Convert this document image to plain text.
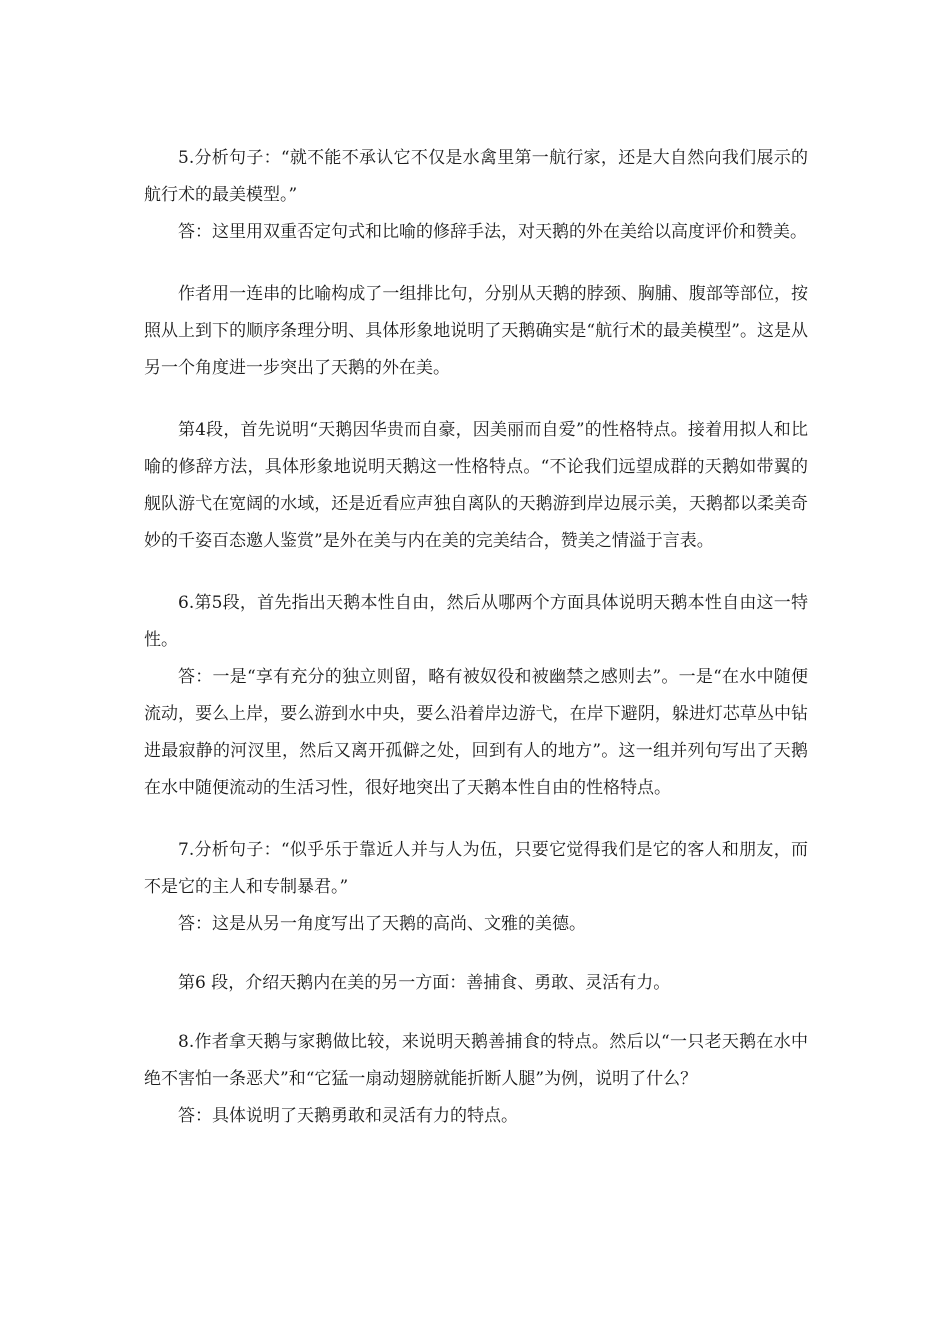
5.分析句子：“就不能不承认它不仅是水禽里第一航行家，还是大自然向我们展示的航行术的最美模型。”

答：这里用双重否定句式和比喻的修辞手法，对天鹅的外在美给以高度评价和赞美。

作者用一连串的比喻构成了一组排比句，分别从天鹅的脖颈、胸脯、腹部等部位，按照从上到下的顺序条理分明、具体形象地说明了天鹅确实是“航行术的最美模型”。这是从另一个角度进一步突出了天鹅的外在美。

第4段，首先说明“天鹅因华贵而自豪，因美丽而自爱”的性格特点。接着用拟人和比喻的修辞方法，具体形象地说明天鹅这一性格特点。“不论我们远望成群的天鹅如带翼的舰队游弋在宽阔的水域，还是近看应声独自离队的天鹅游到岸边展示美，天鹅都以柔美奇妙的千姿百态邀人鉴赏”是外在美与内在美的完美结合，赞美之情溢于言表。

6.第5段，首先指出天鹅本性自由，然后从哪两个方面具体说明天鹅本性自由这一特性。

答：一是“享有充分的独立则留，略有被奴役和被幽禁之感则去”。一是“在水中随便流动，要么上岸，要么游到水中央，要么沿着岸边游弋，在岸下避阴，躲进灯芯草丛中钻进最寂静的河汊里，然后又离开孤僻之处，回到有人的地方”。这一组并列句写出了天鹅在水中随便流动的生活习性，很好地突出了天鹅本性自由的性格特点。

7.分析句子：“似乎乐于靠近人并与人为伍，只要它觉得我们是它的客人和朋友，而不是它的主人和专制暴君。”

答：这是从另一角度写出了天鹅的高尚、文雅的美德。

第6 段，介绍天鹅内在美的另一方面：善捕食、勇敢、灵活有力。

8.作者拿天鹅与家鹅做比较，来说明天鹅善捕食的特点。然后以“一只老天鹅在水中绝不害怕一条恶犬”和“它猛一扇动翅膀就能折断人腿”为例，说明了什么？

答：具体说明了天鹅勇敢和灵活有力的特点。
